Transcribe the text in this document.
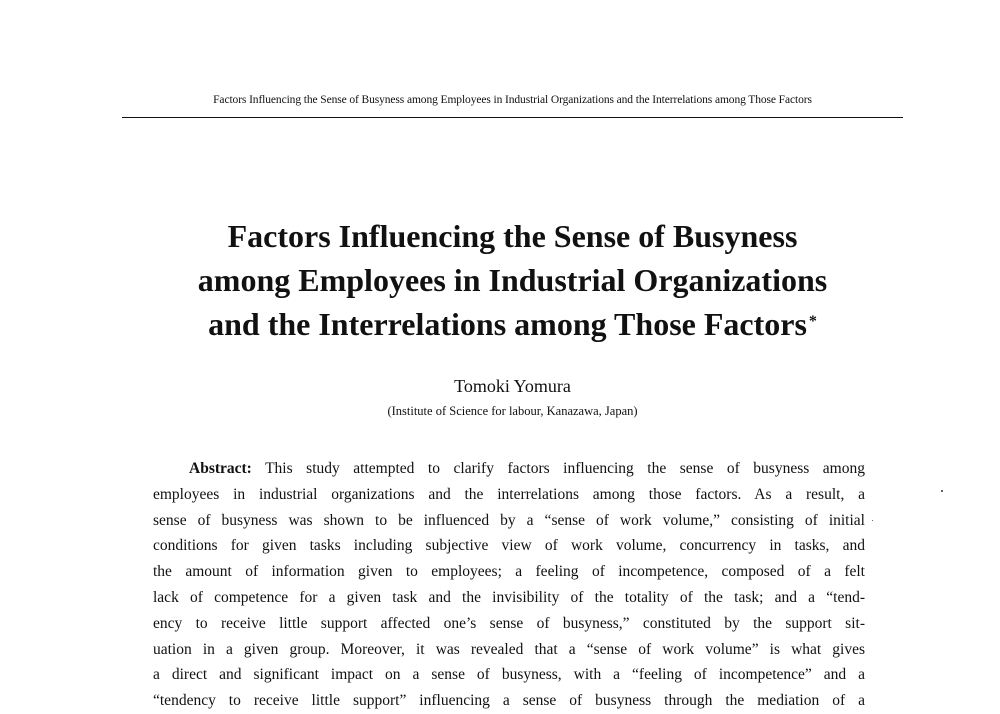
Factors Influencing the Sense of Busyness among Employees in Industrial Organizations and the Interrelations among Those Factors
Factors Influencing the Sense of Busyness
among Employees in Industrial Organizations
and the Interrelations among Those Factors *
Tomoki Yomura
(Institute of Science for labour, Kanazawa, Japan)
Abstract: This study attempted to clarify factors influencing the sense of busyness among
employees in industrial organizations and the interrelations among those factors. As a result, a
sense of busyness was shown to be influenced by a “sense of work volume,” consisting of initial
conditions for given tasks including subjective view of work volume, concurrency in tasks, and
the amount of information given to employees; a feeling of incompetence, composed of a felt
lack of competence for a given task and the invisibility of the totality of the task; and a “tend-
ency to receive little support affected one’s sense of busyness,” constituted by the support sit-
uation in a given group. Moreover, it was revealed that a “sense of work volume” is what gives
a direct and significant impact on a sense of busyness, with a “feeling of incompetence” and a
“tendency to receive little support” influencing a sense of busyness through the mediation of a
